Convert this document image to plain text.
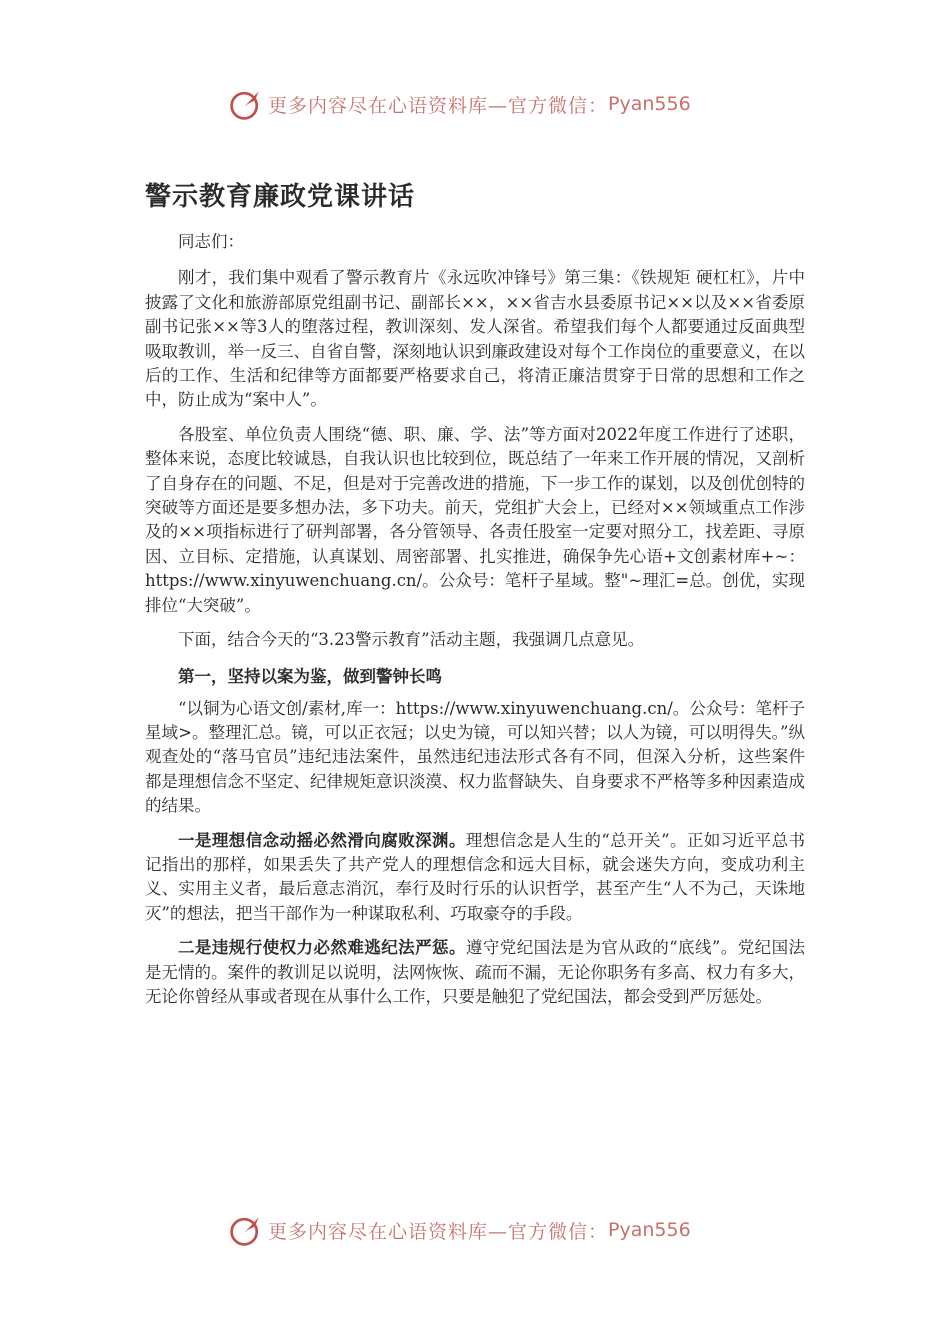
更多内容尽在心语资料库—官方微信： Pyan556
警示教育廉政党课讲话

同志们：

刚才，我们集中观看了警示教育片《永远吹冲锋号》第三集：《铁规矩 硬杠杠》，片中披露了文化和旅游部原党组副书记、副部长××，××省吉水县委原书记××以及××省委原副书记张××等3人的堕落过程，教训深刻、发人深省。希望我们每个人都要通过反面典型吸取教训，举一反三、自省自警，深刻地认识到廉政建设对每个工作岗位的重要意义，在以后的工作、生活和纪律等方面都要严格要求自己，将清正廉洁贯穿于日常的思想和工作之中，防止成为“案中人”。

各股室、单位负责人围绕“德、职、廉、学、法”等方面对2022年度工作进行了述职，整体来说，态度比较诚恳，自我认识也比较到位，既总结了一年来工作开展的情况，又剖析了自身存在的问题、不足，但是对于完善改进的措施，下一步工作的谋划，以及创优创特的突破等方面还是要多想办法，多下功夫。前天，党组扩大会上，已经对××领域重点工作涉及的××项指标进行了研判部署，各分管领导、各责任股室一定要对照分工，找差距、寻原因、立目标、定措施，认真谋划、周密部署、扎实推进，确保争先心语+文创素材库+~：https://www.xinyuwenchuang.cn/。公众号：笔杆子星域。整"~理汇=总。创优，实现排位“大突破”。

下面，结合今天的“3.23警示教育”活动主题，我强调几点意见。

第一，坚持以案为鉴，做到警钟长鸣

“以铜为心语文创/素材,库一：https://www.xinyuwenchuang.cn/。公众号：笔杆子星域>。整理汇总。镜，可以正衣冠；以史为镜，可以知兴替；以人为镜，可以明得失。”纵观查处的“落马官员”违纪违法案件，虽然违纪违法形式各有不同，但深入分析，这些案件都是理想信念不坚定、纪律规矩意识淡漠、权力监督缺失、自身要求不严格等多种因素造成的结果。

一是理想信念动摇必然滑向腐败深渊。理想信念是人生的“总开关”。正如习近平总书记指出的那样，如果丢失了共产党人的理想信念和远大目标，就会迷失方向，变成功利主义、实用主义者，最后意志消沉，奉行及时行乐的认识哲学，甚至产生“人不为己，天诛地灭”的想法，把当干部作为一种谋取私利、巧取豪夺的手段。

二是违规行使权力必然难逃纪法严惩。遵守党纪国法是为官从政的“底线”。党纪国法是无情的。案件的教训足以说明，法网恢恢、疏而不漏，无论你职务有多高、权力有多大，无论你曾经从事或者现在从事什么工作，只要是触犯了党纪国法，都会受到严厉惩处。

更多内容尽在心语资料库—官方微信： Pyan556
